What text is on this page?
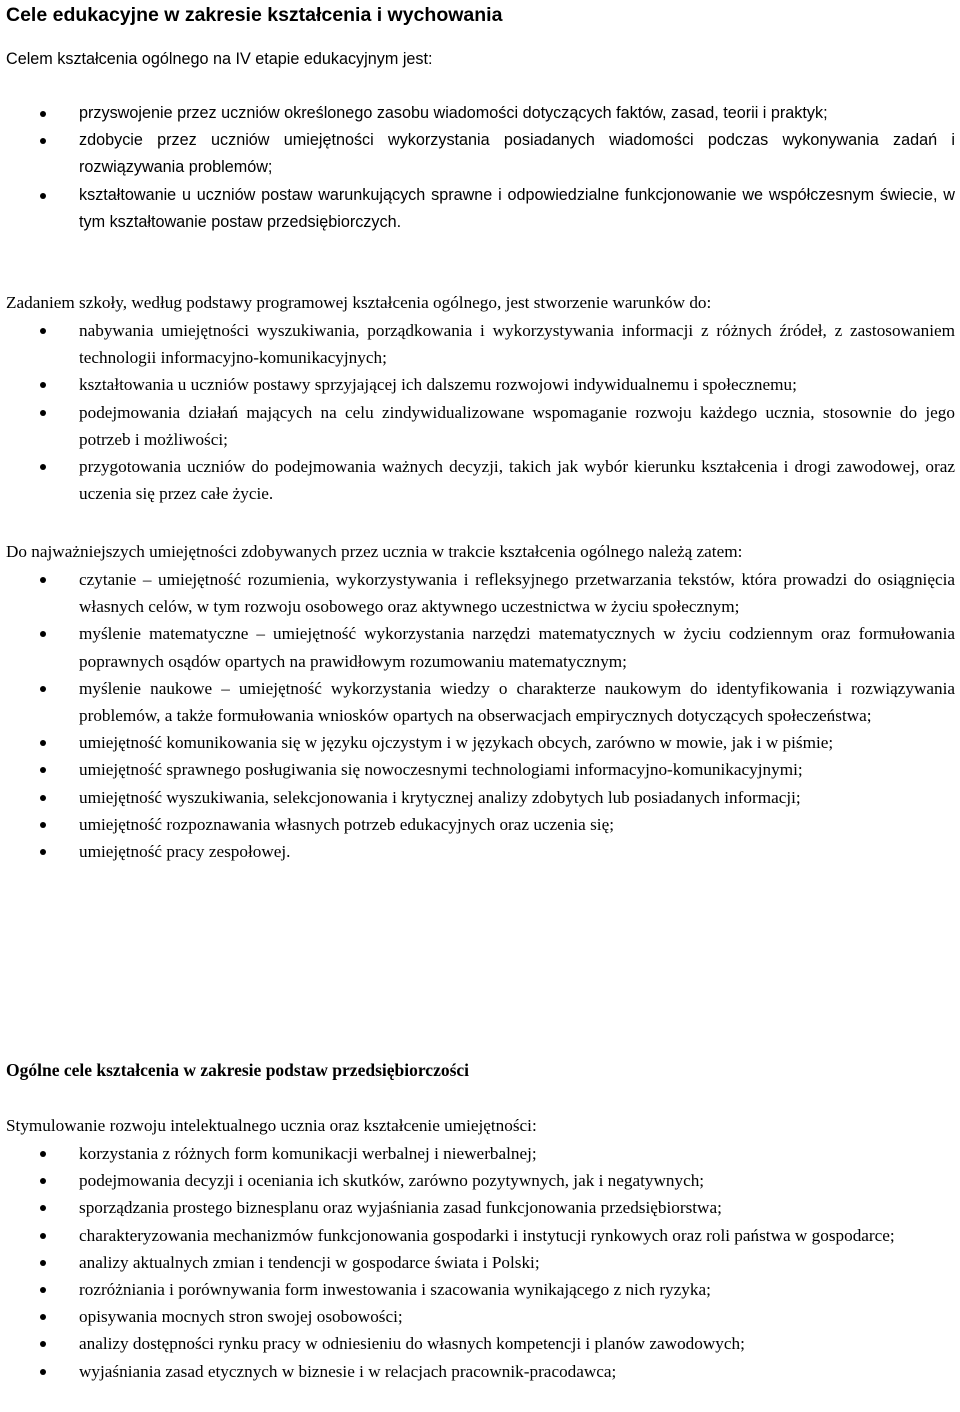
Cele edukacyjne w zakresie kształcenia i wychowania

Celem kształcenia ogólnego na IV etapie edukacyjnym jest:

przyswojenie przez uczniów określonego zasobu wiadomości dotyczących faktów, zasad, teorii i praktyk;
zdobycie przez uczniów umiejętności wykorzystania posiadanych wiadomości podczas wykonywania zadań i rozwiązywania problemów;
kształtowanie u uczniów postaw warunkujących sprawne i odpowiedzialne funkcjonowanie we współczesnym świecie, w tym kształtowanie postaw przedsiębiorczych.

Zadaniem szkoły, według podstawy programowej kształcenia ogólnego, jest stworzenie warunków do:

nabywania umiejętności wyszukiwania, porządkowania i wykorzystywania informacji z różnych źródeł, z zastosowaniem technologii informacyjno-komunikacyjnych;
kształtowania u uczniów postawy sprzyjającej ich dalszemu rozwojowi indywidualnemu i społecznemu;
podejmowania działań mających na celu zindywidualizowane wspomaganie rozwoju każdego ucznia, stosownie do jego potrzeb i możliwości;
przygotowania uczniów do podejmowania ważnych decyzji, takich jak wybór kierunku kształcenia i drogi zawodowej, oraz uczenia się przez całe życie.

Do najważniejszych umiejętności zdobywanych przez ucznia w trakcie kształcenia ogólnego należą zatem:

czytanie – umiejętność rozumienia, wykorzystywania i refleksyjnego przetwarzania tekstów, która prowadzi do osiągnięcia własnych celów, w tym rozwoju osobowego oraz aktywnego uczestnictwa w życiu społecznym;
myślenie matematyczne – umiejętność wykorzystania narzędzi matematycznych w życiu codziennym oraz formułowania poprawnych osądów opartych na prawidłowym rozumowaniu matematycznym;
myślenie naukowe – umiejętność wykorzystania wiedzy o charakterze naukowym do identyfikowania i rozwiązywania problemów, a także formułowania wniosków opartych na obserwacjach empirycznych dotyczących społeczeństwa;
umiejętność komunikowania się w języku ojczystym i w językach obcych, zarówno w mowie, jak i w piśmie;
umiejętność sprawnego posługiwania się nowoczesnymi technologiami informacyjno-komunikacyjnymi;
umiejętność wyszukiwania, selekcjonowania i krytycznej analizy zdobytych lub posiadanych informacji;
umiejętność rozpoznawania własnych potrzeb edukacyjnych oraz uczenia się;
umiejętność pracy zespołowej.
Ogólne cele kształcenia w zakresie podstaw przedsiębiorczości

Stymulowanie rozwoju intelektualnego ucznia oraz kształcenie umiejętności:

korzystania z różnych form komunikacji werbalnej i niewerbalnej;
podejmowania decyzji i oceniania ich skutków, zarówno pozytywnych, jak i negatywnych;
sporządzania prostego biznesplanu oraz wyjaśniania zasad funkcjonowania przedsiębiorstwa;
charakteryzowania mechanizmów funkcjonowania gospodarki i instytucji rynkowych oraz roli państwa w gospodarce;
analizy aktualnych zmian i tendencji w gospodarce świata i Polski;
rozróżniania i porównywania form inwestowania i szacowania wynikającego z nich ryzyka;
opisywania mocnych stron swojej osobowości;
analizy dostępności rynku pracy w odniesieniu do własnych kompetencji i planów zawodowych;
wyjaśniania zasad etycznych w biznesie i w relacjach pracownik-pracodawca;
